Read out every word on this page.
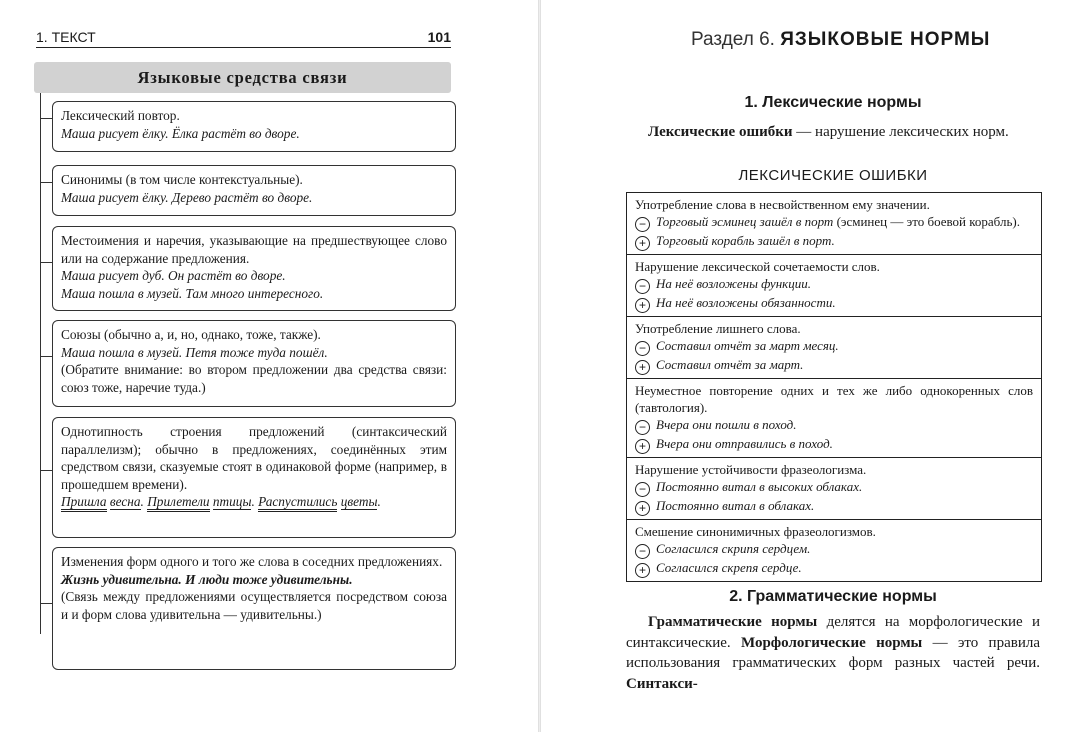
1. ТЕКСТ	101
Языковые средства связи

Лексический повтор.

Маша рисует ёлку. Ёлка растёт во дворе.

Синонимы (в том числе контекстуальные).

Маша рисует ёлку. Дерево растёт во дворе.

Местоимения и наречия, указывающие на предшествующее слово или на содержание предложения.

Маша рисует дуб. Он растёт во дворе.

Маша пошла в музей. Там много интересного.

Союзы (обычно а, и, но, однако, тоже, также).

Маша пошла в музей. Петя тоже туда пошёл.

(Обратите внимание: во втором предложении два средства связи: союз тоже, наречие туда.)

Однотипность строения предложений (синтаксический параллелизм); обычно в предложениях, соединённых этим средством связи, сказуемые стоят в одинаковой форме (например, в прошедшем времени).

Пришла весна. Прилетели птицы. Распустились цветы.

Изменения форм одного и того же слова в соседних предложениях.

Жизнь удивительна. И люди тоже удивительны.

(Связь между предложениями осуществляется посредством союза и и форм слова удивительна — удивительны.)

Раздел 6. ЯЗЫКОВЫЕ НОРМЫ
1. Лексические нормы
Лексические ошибки — нарушение лексических норм.
ЛЕКСИЧЕСКИЕ ОШИБКИ

Употребление слова в несвойственном ему значении.

− Торговый эсминец зашёл в порт (эсминец — это боевой корабль).

+ Торговый корабль зашёл в порт.

Нарушение лексической сочетаемости слов.

− На неё возложены функции.

+ На неё возложены обязанности.

Употребление лишнего слова.

− Составил отчёт за март месяц.

+ Составил отчёт за март.

Неуместное повторение одних и тех же либо однокоренных слов (тавтология).

− Вчера они пошли в поход.

+ Вчера они отправились в поход.

Нарушение устойчивости фразеологизма.

− Постоянно витал в высоких облаках.

+ Постоянно витал в облаках.

Смешение синонимичных фразеологизмов.

− Согласился скрипя сердцем.

+ Согласился скрепя сердце.

2. Грамматические нормы
Грамматические нормы делятся на морфологические и синтаксические. Морфологические нормы — это правила использования грамматических форм разных частей речи. Синтакси-
